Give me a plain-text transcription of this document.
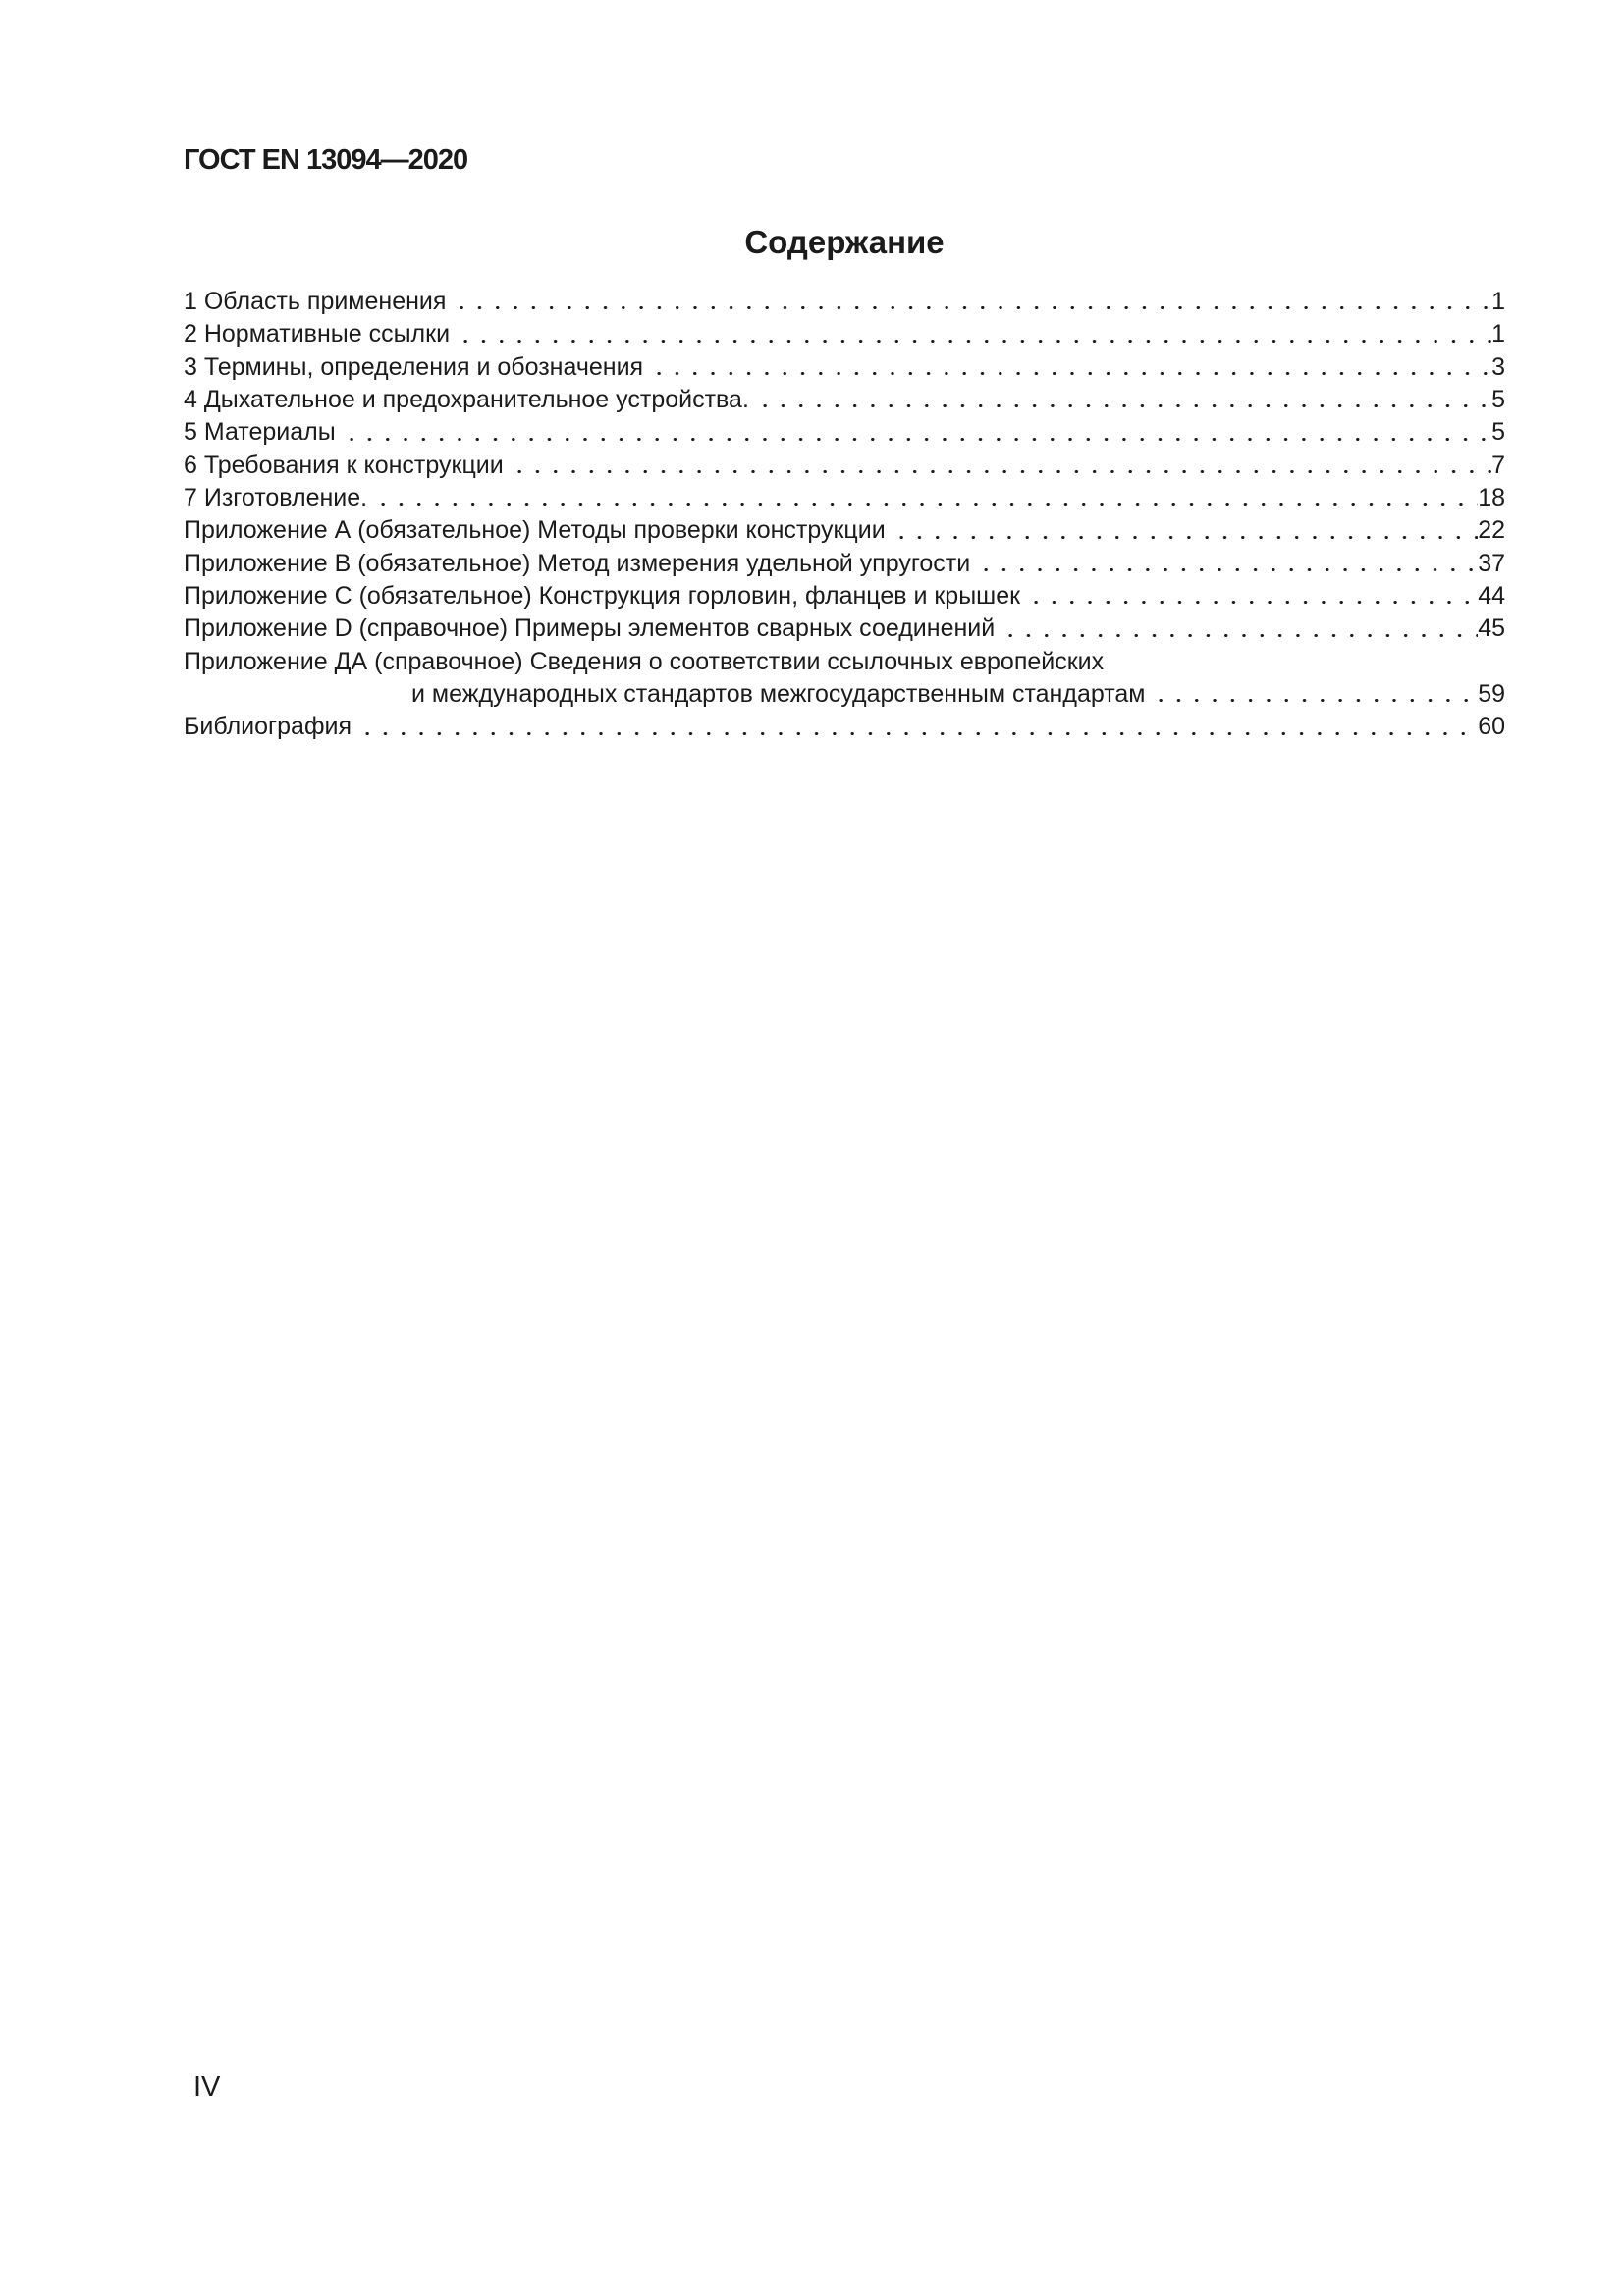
ГОСТ EN 13094—2020
Содержание
1 Область применения	1
2 Нормативные ссылки	1
3 Термины, определения и обозначения	3
4 Дыхательное и предохранительное устройства.	5
5 Материалы	5
6 Требования к конструкции	7
7 Изготовление.	18
Приложение А (обязательное) Методы проверки конструкции	22
Приложение В (обязательное) Метод измерения удельной упругости	37
Приложение С (обязательное) Конструкция горловин, фланцев и крышек	44
Приложение D (справочное) Примеры элементов сварных соединений	45
Приложение ДА (справочное) Сведения о соответствии ссылочных европейских
и международных стандартов межгосударственным стандартам	59
Библиография	60
IV
